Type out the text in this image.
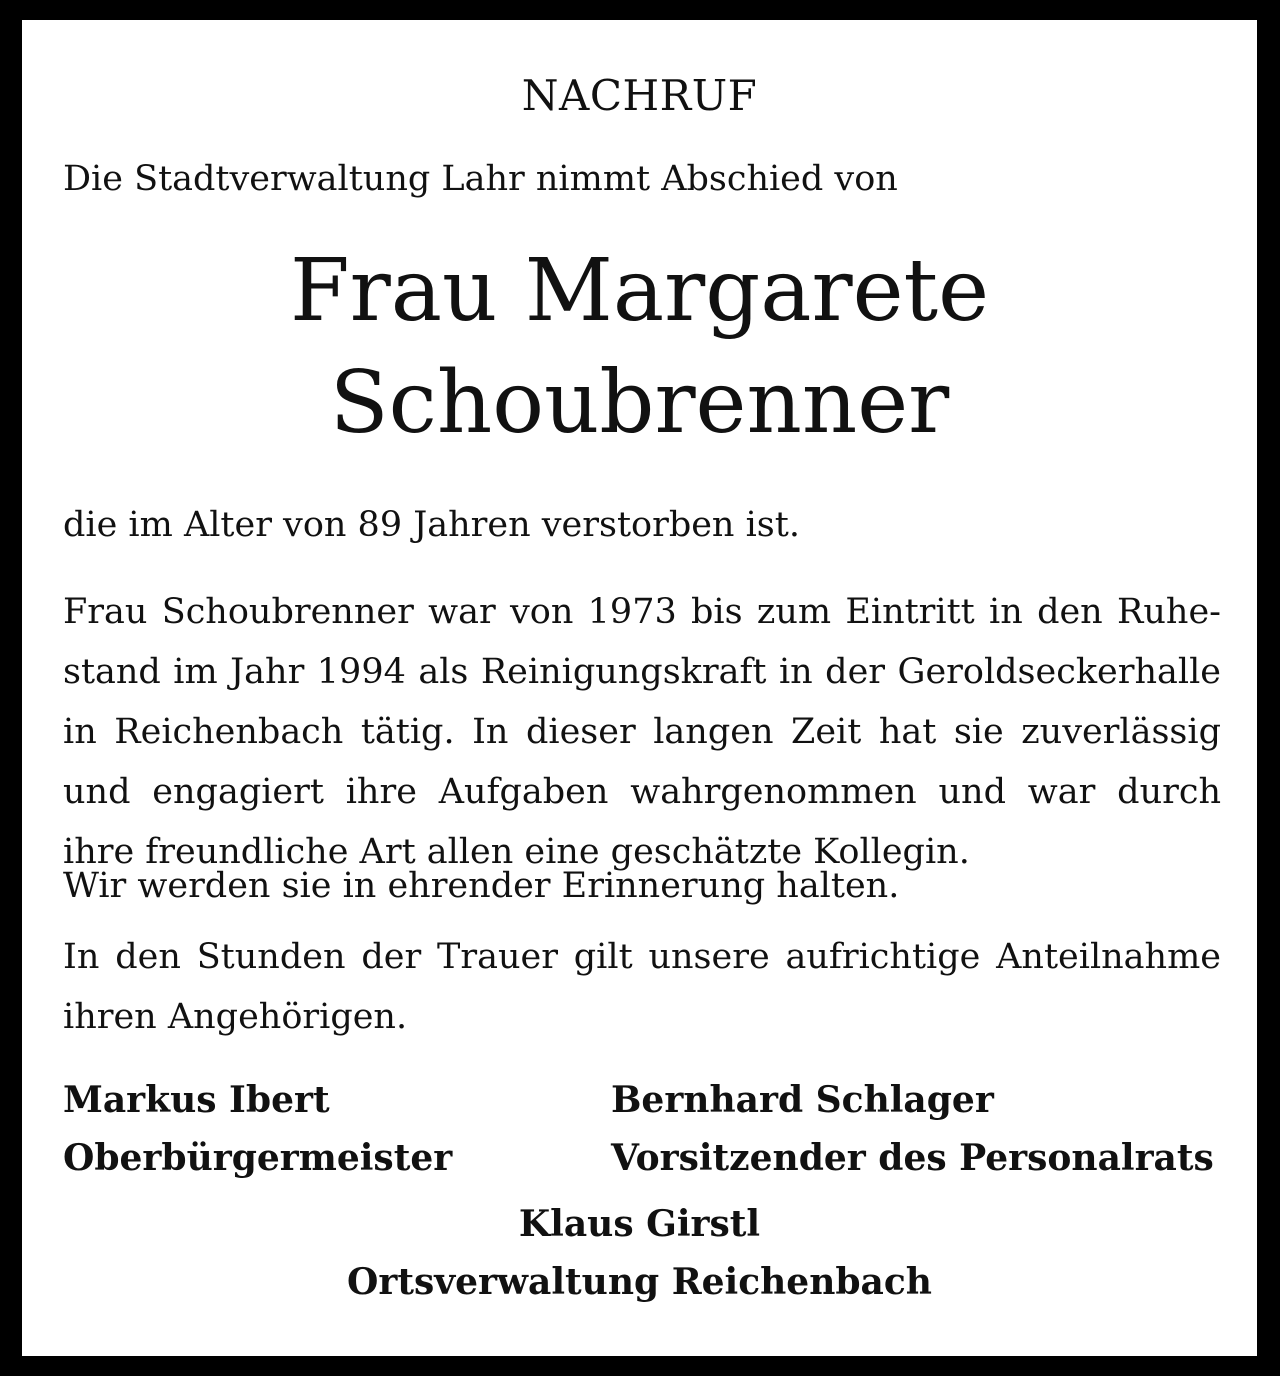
NACHRUF
Die Stadtverwaltung Lahr nimmt Abschied von
Frau Margarete
Schoubrenner
die im Alter von 89 Jahren verstorben ist.
Frau Schoubrenner war von 1973 bis zum Eintritt in den Ruhe-
stand im Jahr 1994 als Reinigungskraft in der Geroldseckerhalle
in Reichenbach tätig. In dieser langen Zeit hat sie zuverlässig
und engagiert ihre Aufgaben wahrgenommen und war durch
ihre freundliche Art allen eine geschätzte Kollegin.
Wir werden sie in ehrender Erinnerung halten.
In den Stunden der Trauer gilt unsere aufrichtige Anteilnahme
ihren Angehörigen.
Markus Ibert
Oberbürgermeister
Bernhard Schlager
Vorsitzender des Personalrats
Klaus Girstl
Ortsverwaltung Reichenbach
